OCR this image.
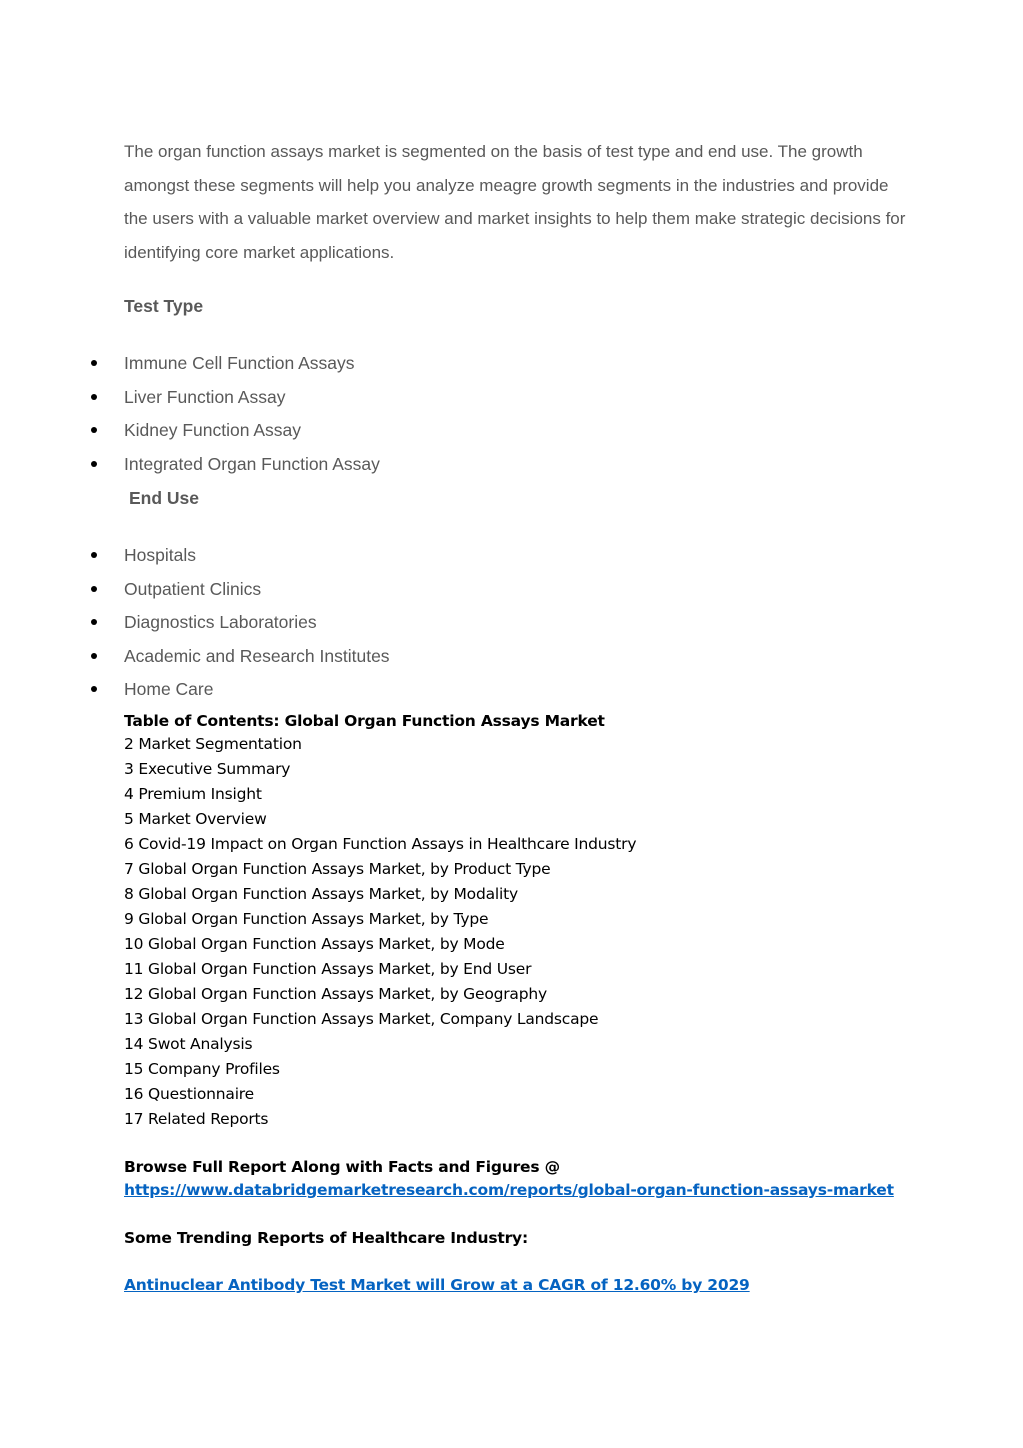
The organ function assays market is segmented on the basis of test type and end use. The growth amongst these segments will help you analyze meagre growth segments in the industries and provide the users with a valuable market overview and market insights to help them make strategic decisions for identifying core market applications.

Test Type
Immune Cell Function Assays
Liver Function Assay
Kidney Function Assay
Integrated Organ Function Assay
End Use
Hospitals
Outpatient Clinics
Diagnostics Laboratories
Academic and Research Institutes
Home Care
Table of Contents: Global Organ Function Assays Market
2 Market Segmentation
3 Executive Summary
4 Premium Insight
5 Market Overview
6 Covid-19 Impact on Organ Function Assays in Healthcare Industry
7 Global Organ Function Assays Market, by Product Type
8 Global Organ Function Assays Market, by Modality
9 Global Organ Function Assays Market, by Type
10 Global Organ Function Assays Market, by Mode
11 Global Organ Function Assays Market, by End User
12 Global Organ Function Assays Market, by Geography
13 Global Organ Function Assays Market, Company Landscape
14 Swot Analysis
15 Company Profiles
16 Questionnaire
17 Related Reports
Browse Full Report Along with Facts and Figures @
https://www.databridgemarketresearch.com/reports/global-organ-function-assays-market
Some Trending Reports of Healthcare Industry:
Antinuclear Antibody Test Market will Grow at a CAGR of 12.60% by 2029
